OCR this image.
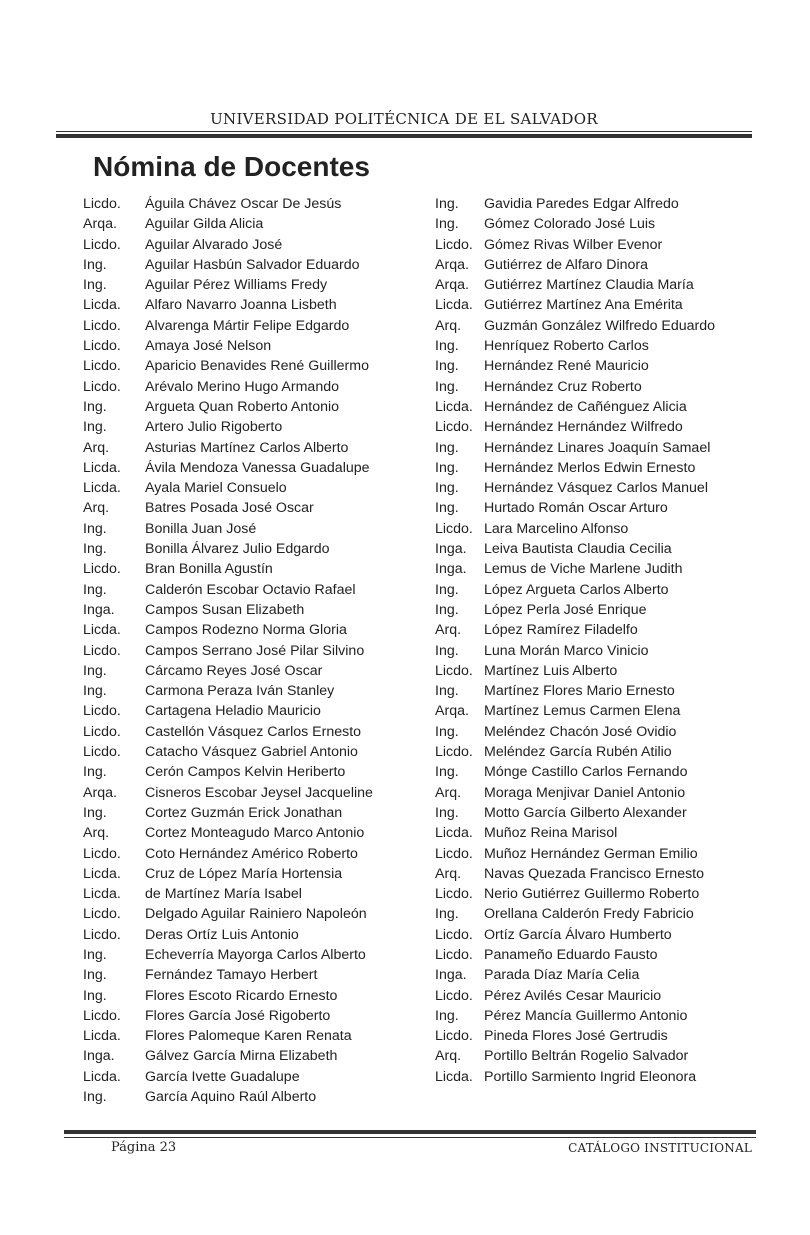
UNIVERSIDAD POLITÉCNICA DE EL SALVADOR
Nómina de Docentes
Licdo.	Águila Chávez Oscar De Jesús
Arqa.	Aguilar Gilda Alicia
Licdo.	Aguilar Alvarado José
Ing.	Aguilar Hasbún Salvador Eduardo
Ing.	Aguilar Pérez Williams Fredy
Licda.	Alfaro Navarro Joanna Lisbeth
Licdo.	Alvarenga Mártir Felipe Edgardo
Licdo.	Amaya José Nelson
Licdo.	Aparicio Benavides René Guillermo
Licdo.	Arévalo Merino Hugo Armando
Ing.	Argueta Quan Roberto Antonio
Ing.	Artero Julio Rigoberto
Arq.	Asturias Martínez Carlos Alberto
Licda.	Ávila Mendoza Vanessa Guadalupe
Licda.	Ayala Mariel Consuelo
Arq.	Batres Posada José Oscar
Ing.	Bonilla Juan José
Ing.	Bonilla Álvarez Julio Edgardo
Licdo.	Bran Bonilla Agustín
Ing.	Calderón Escobar Octavio Rafael
Inga.	Campos Susan Elizabeth
Licda.	Campos Rodezno Norma Gloria
Licdo.	Campos Serrano José Pilar Silvino
Ing.	Cárcamo Reyes José Oscar
Ing.	Carmona Peraza Iván Stanley
Licdo.	Cartagena Heladio Mauricio
Licdo.	Castellón Vásquez Carlos Ernesto
Licdo.	Catacho Vásquez Gabriel Antonio
Ing.	Cerón Campos Kelvin Heriberto
Arqa.	Cisneros Escobar Jeysel Jacqueline
Ing.	Cortez Guzmán Erick Jonathan
Arq.	Cortez Monteagudo Marco Antonio
Licdo.	Coto Hernández Américo Roberto
Licda.	Cruz de López María Hortensia
Licda.	de Martínez María Isabel
Licdo.	Delgado Aguilar Rainiero Napoleón
Licdo.	Deras Ortíz Luis Antonio
Ing.	Echeverría Mayorga Carlos Alberto
Ing.	Fernández Tamayo Herbert
Ing.	Flores Escoto Ricardo Ernesto
Licdo.	Flores García José Rigoberto
Licda.	Flores Palomeque Karen Renata
Inga.	Gálvez García Mirna Elizabeth
Licda.	García Ivette Guadalupe
Ing.	García Aquino Raúl Alberto
Ing.	Gavidia Paredes Edgar Alfredo
Ing.	Gómez Colorado José Luis
Licdo. Gómez Rivas Wilber Evenor
Arqa.	Gutiérrez de Alfaro Dinora
Arqa.	Gutiérrez Martínez Claudia María
Licda. Gutiérrez Martínez Ana Emérita
Arq.	Guzmán González Wilfredo Eduardo
Ing.	Henríquez Roberto Carlos
Ing.	Hernández René Mauricio
Ing.	Hernández Cruz Roberto
Licda. Hernández de Cañénguez Alicia
Licdo. Hernández Hernández Wilfredo
Ing.	Hernández Linares Joaquín Samael
Ing.	Hernández Merlos Edwin Ernesto
Ing.	Hernández Vásquez Carlos Manuel
Ing.	Hurtado Román Oscar Arturo
Licdo. Lara Marcelino Alfonso
Inga.	Leiva Bautista Claudia Cecilia
Inga.	Lemus de Viche Marlene Judith
Ing.	López Argueta Carlos Alberto
Ing.	López Perla José Enrique
Arq.	López Ramírez Filadelfo
Ing.	Luna Morán Marco Vinicio
Licdo. Martínez Luis Alberto
Ing.	Martínez Flores Mario Ernesto
Arqa.	Martínez Lemus Carmen Elena
Ing.	Meléndez Chacón José Ovidio
Licdo. Meléndez García Rubén Atilio
Ing.	Mónge Castillo Carlos Fernando
Arq.	Moraga Menjivar Daniel Antonio
Ing.	Motto García Gilberto Alexander
Licda. Muñoz Reina Marisol
Licdo. Muñoz Hernández German Emilio
Arq.	Navas Quezada Francisco Ernesto
Licdo. Nerio Gutiérrez Guillermo Roberto
Ing.	Orellana Calderón Fredy Fabricio
Licdo. Ortíz García Álvaro Humberto
Licdo. Panameño Eduardo Fausto
Inga.	Parada Díaz María Celia
Licdo. Pérez Avilés Cesar Mauricio
Ing.	Pérez Mancía Guillermo Antonio
Licdo. Pineda Flores José Gertrudis
Arq.	Portillo Beltrán Rogelio Salvador
Licda. Portillo Sarmiento Ingrid Eleonora
Página 23	CATÁLOGO INSTITUCIONAL
